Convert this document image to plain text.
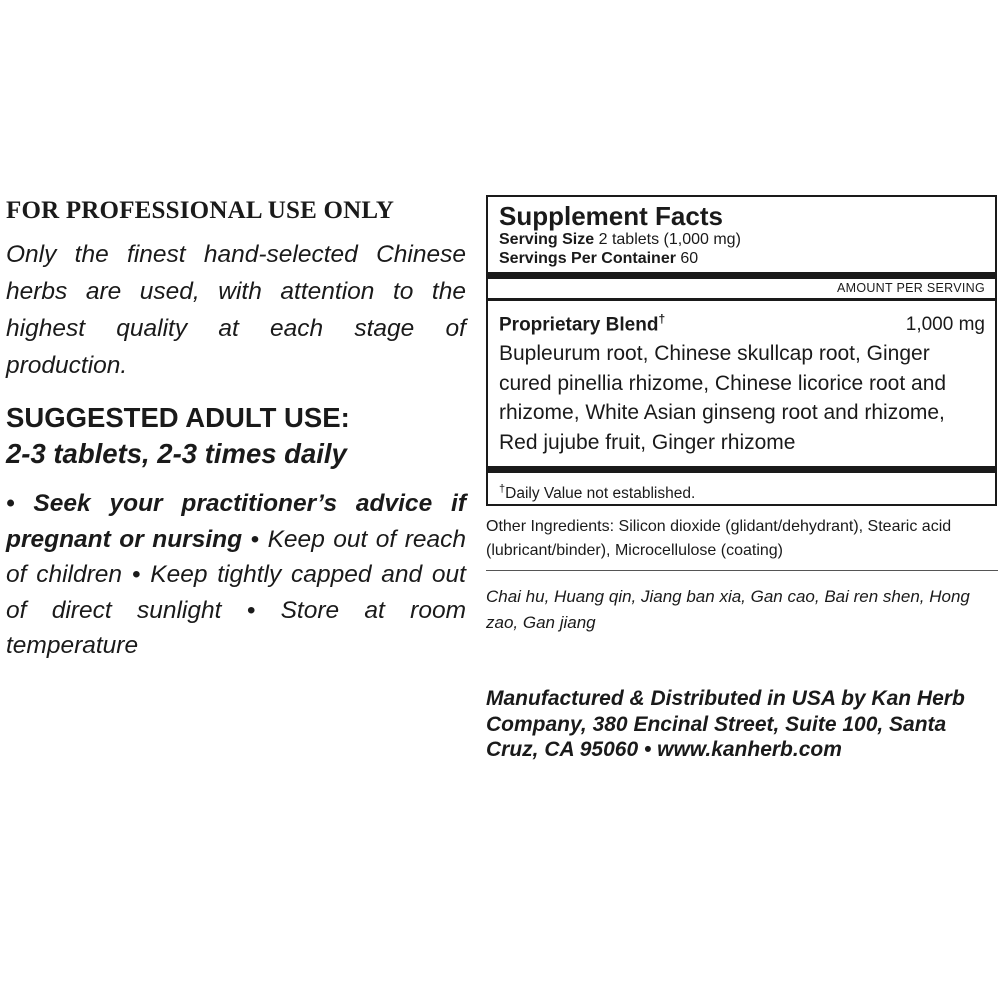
FOR PROFESSIONAL USE ONLY

Only the finest hand-selected Chinese herbs are used, with attention to the highest quality at each stage of production.

SUGGESTED ADULT USE:

2-3 tablets, 2-3 times daily

• Seek your practitioner’s advice if pregnant or nursing • Keep out of reach of children • Keep tightly capped and out of direct sunlight • Store at room temperature

Supplement Facts
Serving Size 2 tablets (1,000 mg)
Servings Per Container 60
AMOUNT PER SERVING
Proprietary Blend†	1,000 mg
Bupleurum root, Chinese skullcap root, Ginger cured pinellia rhizome, Chinese licorice root and rhizome, White Asian ginseng root and rhizome, Red jujube fruit, Ginger rhizome
†Daily Value not established.

Other Ingredients: Silicon dioxide (glidant/dehydrant), Stearic acid (lubricant/binder), Microcellulose (coating)

Chai hu, Huang qin, Jiang ban xia, Gan cao, Bai ren shen, Hong zao, Gan jiang

Manufactured & Distributed in USA by Kan Herb Company, 380 Encinal Street, Suite 100, Santa Cruz, CA 95060 • www.kanherb.com
